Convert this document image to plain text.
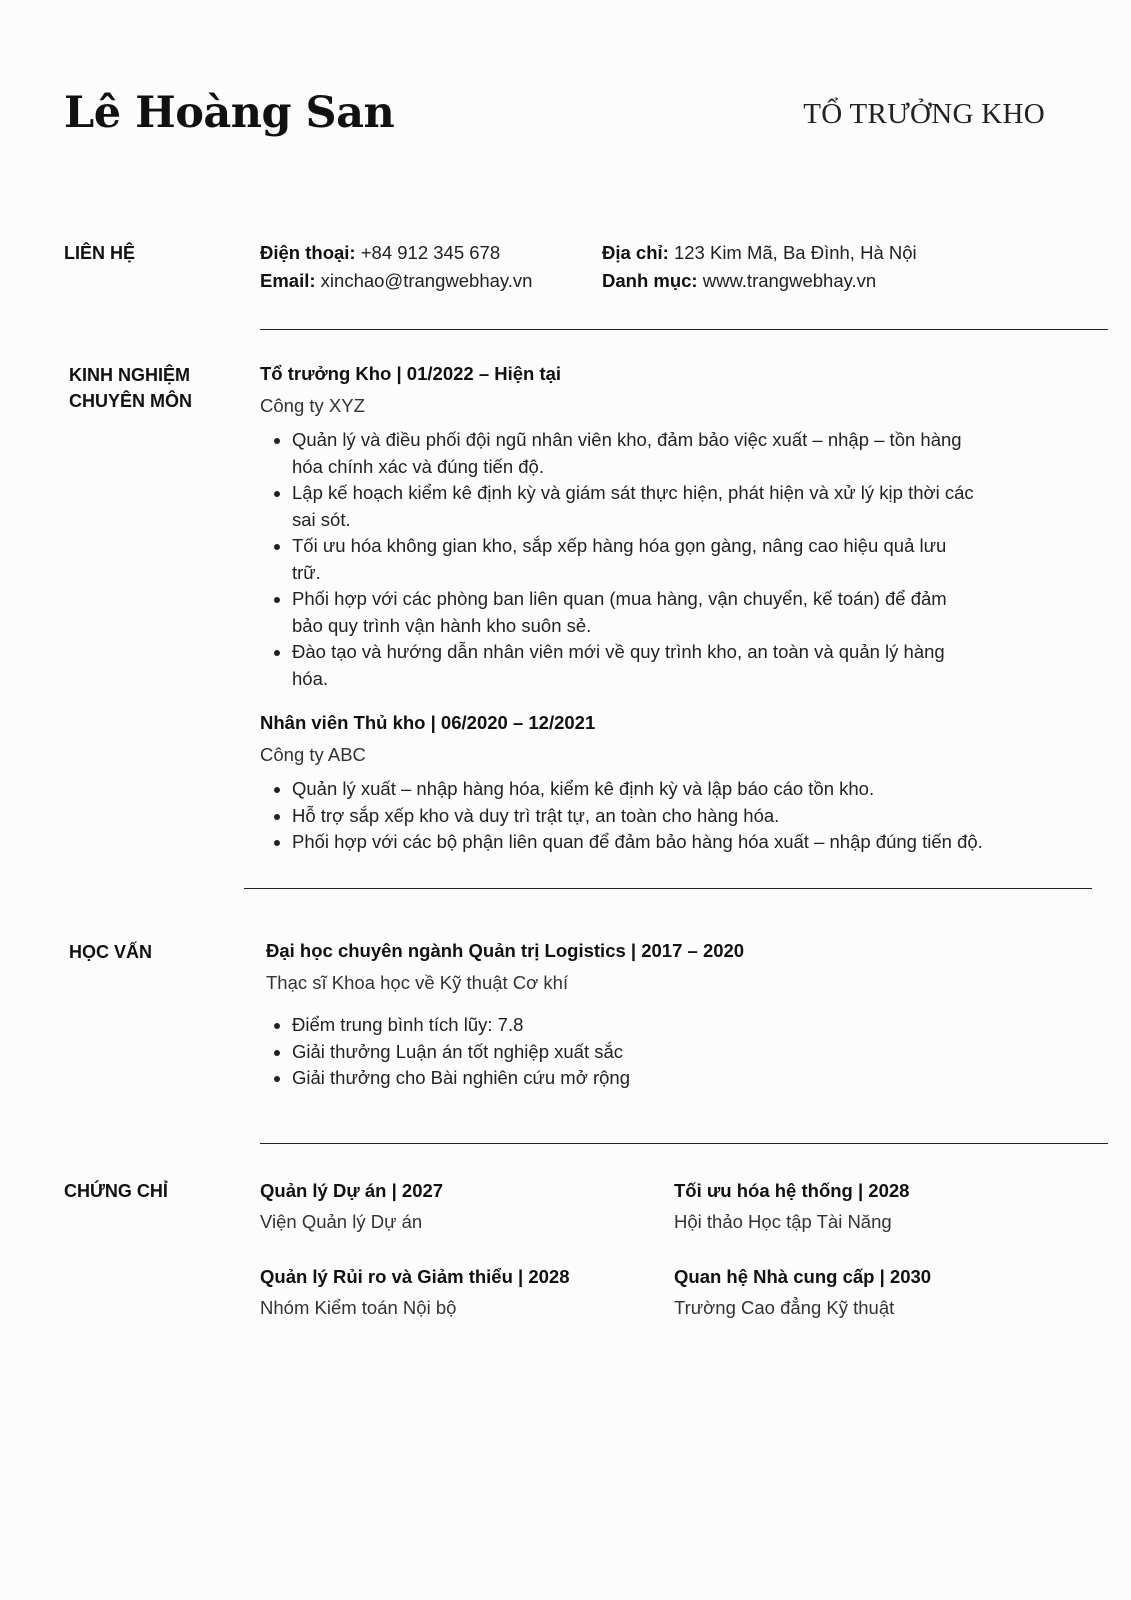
Lê Hoàng San	TỔ TRƯỞNG KHO
LIÊN HỆ	Điện thoại: +84 912 345 678
Email: xinchao@trangwebhay.vn
Địa chỉ: 123 Kim Mã, Ba Đình, Hà Nội
Danh mục: www.trangwebhay.vn
KINH NGHIỆM
CHUYÊN MÔN
Tổ trưởng Kho | 01/2022 – Hiện tại
Công ty XYZ
• Quản lý và điều phối đội ngũ nhân viên kho, đảm bảo việc xuất – nhập – tồn hàng hóa chính xác và đúng tiến độ.
• Lập kế hoạch kiểm kê định kỳ và giám sát thực hiện, phát hiện và xử lý kịp thời các sai sót.
• Tối ưu hóa không gian kho, sắp xếp hàng hóa gọn gàng, nâng cao hiệu quả lưu trữ.
• Phối hợp với các phòng ban liên quan (mua hàng, vận chuyển, kế toán) để đảm bảo quy trình vận hành kho suôn sẻ.
• Đào tạo và hướng dẫn nhân viên mới về quy trình kho, an toàn và quản lý hàng hóa.
Nhân viên Thủ kho | 06/2020 – 12/2021
Công ty ABC
• Quản lý xuất – nhập hàng hóa, kiểm kê định kỳ và lập báo cáo tồn kho.
• Hỗ trợ sắp xếp kho và duy trì trật tự, an toàn cho hàng hóa.
• Phối hợp với các bộ phận liên quan để đảm bảo hàng hóa xuất – nhập đúng tiến độ.
HỌC VẤN	Đại học chuyên ngành Quản trị Logistics | 2017 – 2020
Thạc sĩ Khoa học về Kỹ thuật Cơ khí
• Điểm trung bình tích lũy: 7.8
• Giải thưởng Luận án tốt nghiệp xuất sắc
• Giải thưởng cho Bài nghiên cứu mở rộng
CHỨNG CHỈ	Quản lý Dự án | 2027
Viện Quản lý Dự án
Tối ưu hóa hệ thống | 2028
Hội thảo Học tập Tài Năng
Quản lý Rủi ro và Giảm thiểu | 2028
Nhóm Kiểm toán Nội bộ
Quan hệ Nhà cung cấp | 2030
Trường Cao đẳng Kỹ thuật
